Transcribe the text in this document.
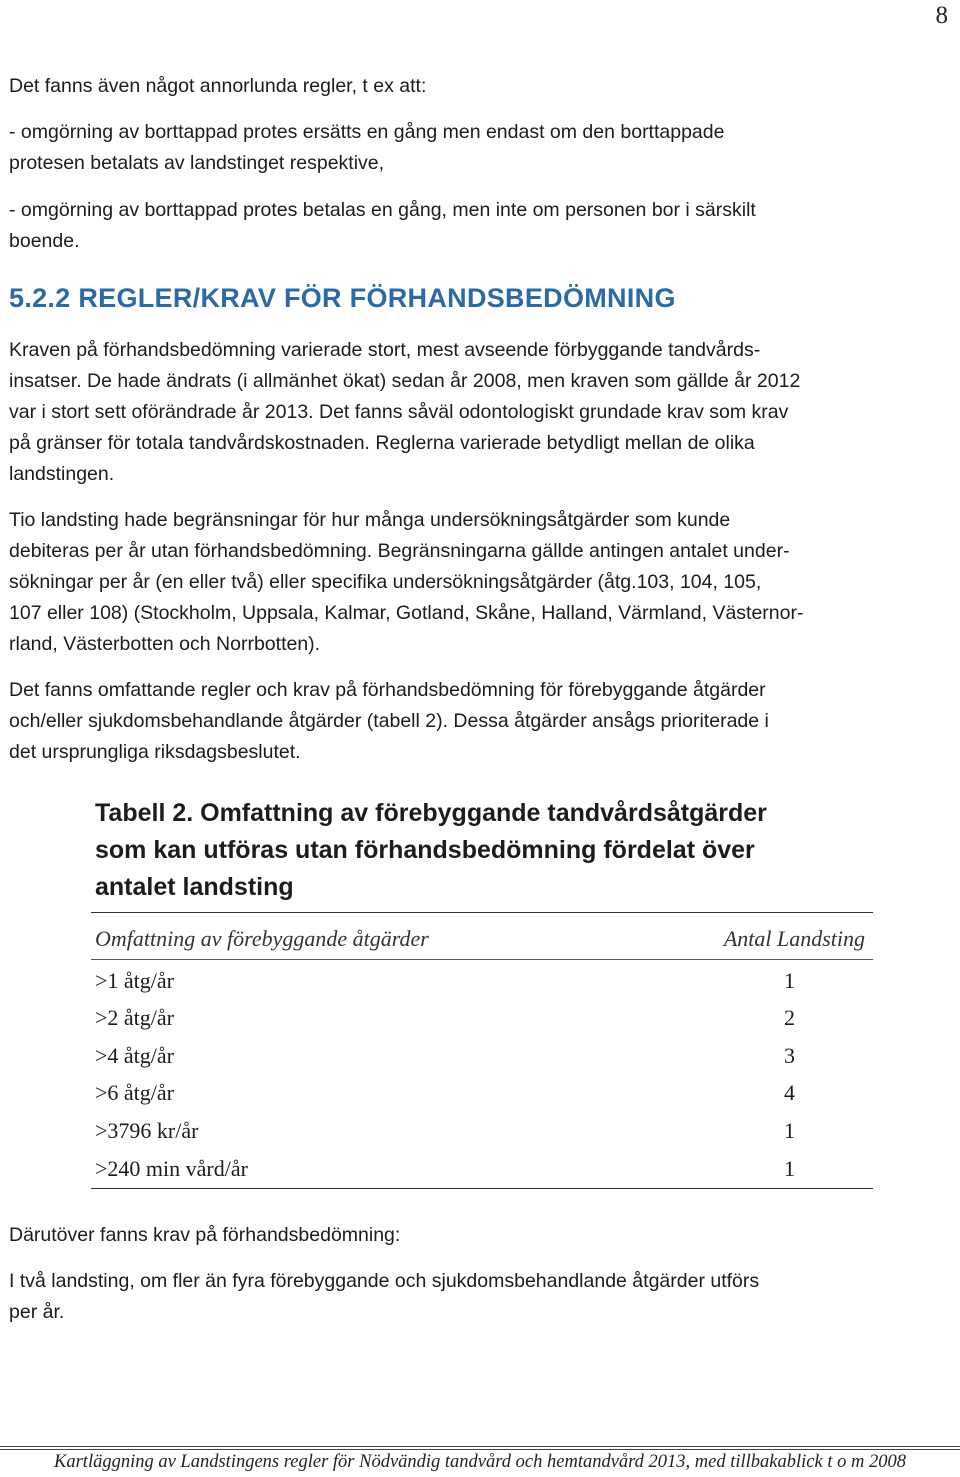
8
Det fanns även något annorlunda regler, t ex att:
- omgörning av borttappad protes ersätts en gång men endast om den borttappade
protesen betalats av landstinget respektive,
- omgörning av borttappad protes betalas en gång, men inte om personen bor i särskilt
boende.
5.2.2 REGLER/KRAV FÖR FÖRHANDSBEDÖMNING
Kraven på förhandsbedömning varierade stort, mest avseende förbyggande tandvårds-
insatser. De hade ändrats (i allmänhet ökat) sedan år 2008, men kraven som gällde år 2012
var i stort sett oförändrade år 2013. Det fanns såväl odontologiskt grundade krav som krav
på gränser för totala tandvårdskostnaden. Reglerna varierade betydligt mellan de olika
landstingen.
Tio landsting hade begränsningar för hur många undersökningsåtgärder som kunde
debiteras per år utan förhandsbedömning. Begränsningarna gällde antingen antalet under-
sökningar per år (en eller två) eller specifika undersökningsåtgärder (åtg.103, 104, 105,
107 eller 108) (Stockholm, Uppsala, Kalmar, Gotland, Skåne, Halland, Värmland, Västernor-
rland, Västerbotten och Norrbotten).
Det fanns omfattande regler och krav på förhandsbedömning för förebyggande åtgärder
och/eller sjukdomsbehandlande åtgärder (tabell 2). Dessa åtgärder ansågs prioriterade i
det ursprungliga riksdagsbeslutet.
Tabell 2. Omfattning av förebyggande tandvårdsåtgärder
som kan utföras utan förhandsbedömning fördelat över
antalet landsting
Omfattning av förebyggande åtgärder	Antal Landsting
>1 åtg/år	1
>2 åtg/år	2
>4 åtg/år	3
>6 åtg/år	4
>3796 kr/år	1
>240 min vård/år	1
Därutöver fanns krav på förhandsbedömning:
I två landsting, om fler än fyra förebyggande och sjukdomsbehandlande åtgärder utförs
per år.
Kartläggning av Landstingens regler för Nödvändig tandvård och hemtandvård 2013, med tillbakablick t o m 2008
